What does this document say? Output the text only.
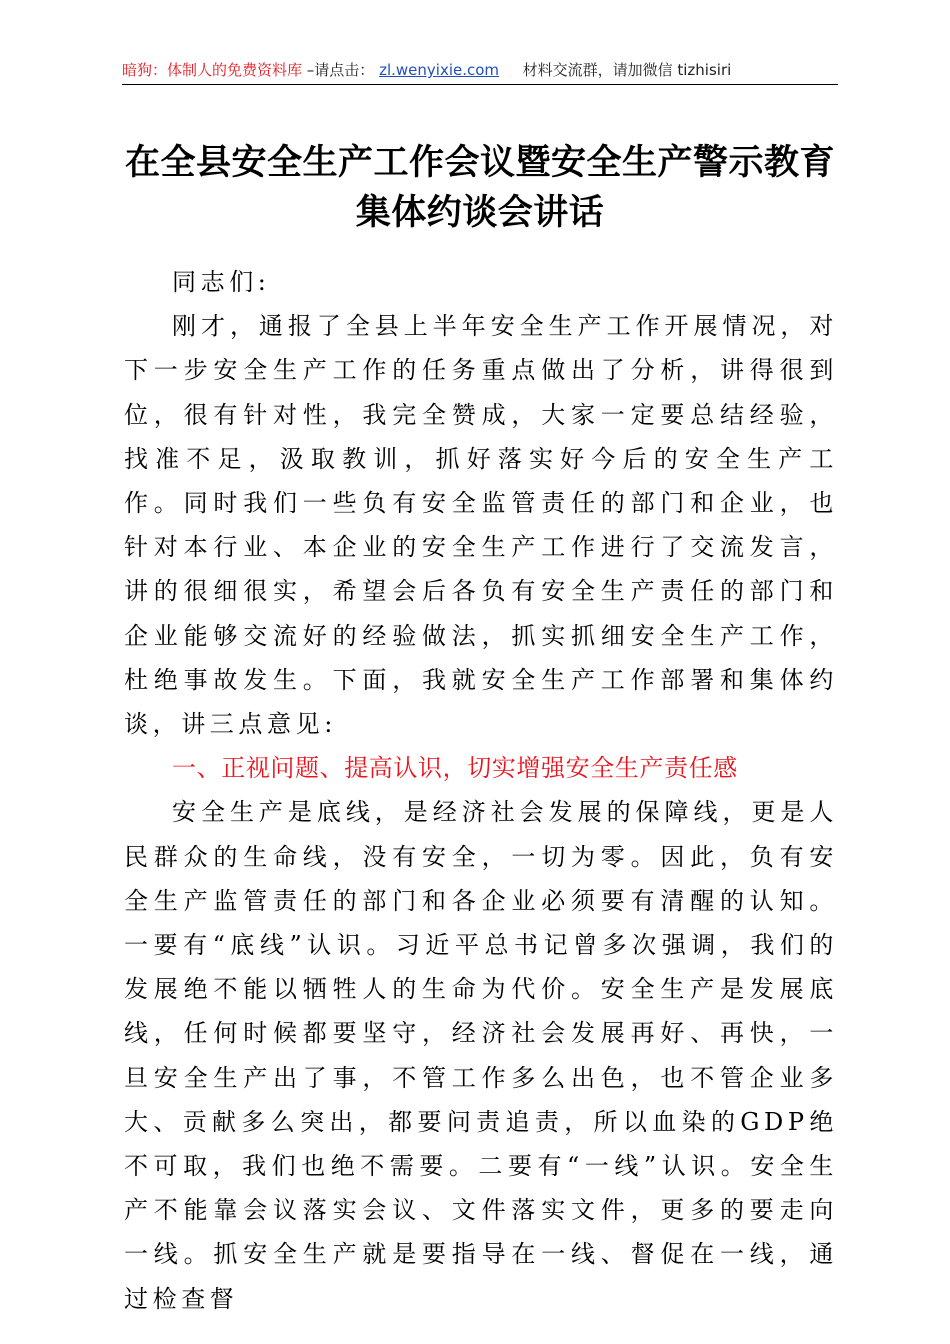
暗狗：体制人的免费资料库 –请点击： zl.wenyixie.com 材料交流群，请加微信 tizhisiri
在全县安全生产工作会议暨安全生产警示教育
集体约谈会讲话

同志们:

刚才，通报了全县上半年安全生产工作开展情况，对下一步安全生产工作的任务重点做出了分析，讲得很到位，很有针对性，我完全赞成，大家一定要总结经验，找准不足，汲取教训，抓好落实好今后的安全生产工作。同时我们一些负有安全监管责任的部门和企业，也针对本行业、本企业的安全生产工作进行了交流发言，讲的很细很实，希望会后各负有安全生产责任的部门和企业能够交流好的经验做法，抓实抓细安全生产工作，杜绝事故发生。下面，我就安全生产工作部署和集体约谈，讲三点意见:

一、正视问题、提高认识，切实增强安全生产责任感

安全生产是底线，是经济社会发展的保障线，更是人民群众的生命线，没有安全，一切为零。因此，负有安全生产监管责任的部门和各企业必须要有清醒的认知。一要有“底线”认识。习近平总书记曾多次强调，我们的发展绝不能以牺牲人的生命为代价。安全生产是发展底线，任何时候都要坚守，经济社会发展再好、再快，一旦安全生产出了事，不管工作多么出色，也不管企业多大、贡献多么突出，都要问责追责，所以血染的GDP绝不可取，我们也绝不需要。二要有“一线”认识。安全生产不能靠会议落实会议、文件落实文件，更多的要走向一线。抓安全生产就是要指导在一线、督促在一线，通过检查督
